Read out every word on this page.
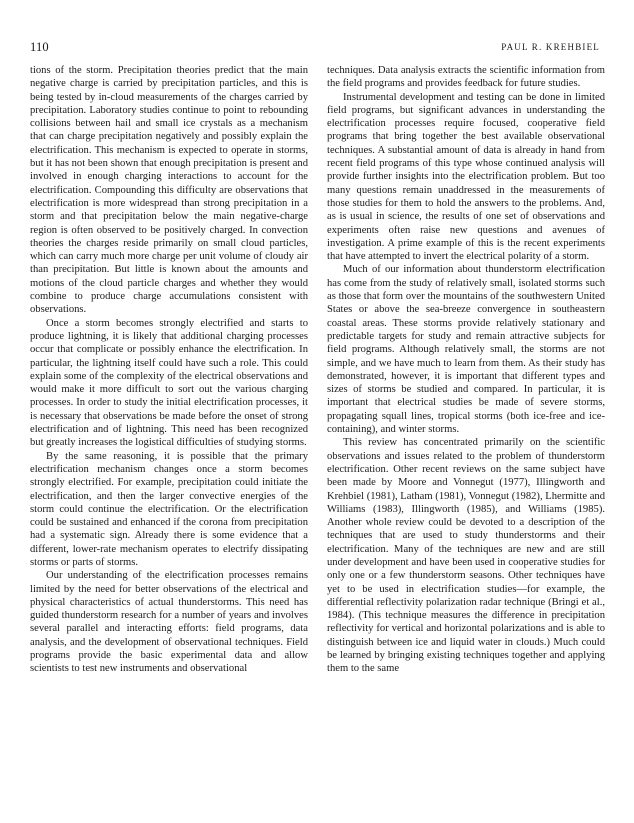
110	PAUL R. KREHBIEL

tions of the storm. Precipitation theories predict that the main negative charge is carried by precipitation particles, and this is being tested by in-cloud measurements of the charges carried by precipitation. Laboratory studies continue to point to rebounding collisions between hail and small ice crystals as a mechanism that can charge precipitation negatively and possibly explain the electrification. This mechanism is expected to operate in storms, but it has not been shown that enough precipitation is present and involved in enough charging interactions to account for the electrification. Compounding this difficulty are observations that electrification is more widespread than strong precipitation in a storm and that precipitation below the main negative-charge region is often observed to be positively charged. In convection theories the charges reside primarily on small cloud particles, which can carry much more charge per unit volume of cloudy air than precipitation. But little is known about the amounts and motions of the cloud particle charges and whether they would combine to produce charge accumulations consistent with observations.

Once a storm becomes strongly electrified and starts to produce lightning, it is likely that additional charging processes occur that complicate or possibly enhance the electrification. In particular, the lightning itself could have such a role. This could explain some of the complexity of the electrical observations and would make it more difficult to sort out the various charging processes. In order to study the initial electrification processes, it is necessary that observations be made before the onset of strong electrification and of lightning. This need has been recognized but greatly increases the logistical difficulties of studying storms.

By the same reasoning, it is possible that the primary electrification mechanism changes once a storm becomes strongly electrified. For example, precipitation could initiate the electrification, and then the larger convective energies of the storm could continue the electrification. Or the electrification could be sustained and enhanced if the corona from precipitation had a systematic sign. Already there is some evidence that a different, lower-rate mechanism operates to electrify dissipating storms or parts of storms.

Our understanding of the electrification processes remains limited by the need for better observations of the electrical and physical characteristics of actual thunderstorms. This need has guided thunderstorm research for a number of years and involves several parallel and interacting efforts: field programs, data analysis, and the development of observational techniques. Field programs provide the basic experimental data and allow scientists to test new instruments and observational

techniques. Data analysis extracts the scientific information from the field programs and provides feedback for future studies.

Instrumental development and testing can be done in limited field programs, but significant advances in understanding the electrification processes require focused, cooperative field programs that bring together the best available observational techniques. A substantial amount of data is already in hand from recent field programs of this type whose continued analysis will provide further insights into the electrification problem. But too many questions remain unaddressed in the measurements of those studies for them to hold the answers to the problems. And, as is usual in science, the results of one set of observations and experiments often raise new questions and avenues of investigation. A prime example of this is the recent experiments that have attempted to invert the electrical polarity of a storm.

Much of our information about thunderstorm electrification has come from the study of relatively small, isolated storms such as those that form over the mountains of the southwestern United States or above the sea-breeze convergence in southeastern coastal areas. These storms provide relatively stationary and predictable targets for study and remain attractive subjects for field programs. Although relatively small, the storms are not simple, and we have much to learn from them. As their study has demonstrated, however, it is important that different types and sizes of storms be studied and compared. In particular, it is important that electrical studies be made of severe storms, propagating squall lines, tropical storms (both ice-free and ice-containing), and winter storms.

This review has concentrated primarily on the scientific observations and issues related to the problem of thunderstorm electrification. Other recent reviews on the same subject have been made by Moore and Vonnegut (1977), Illingworth and Krehbiel (1981), Latham (1981), Vonnegut (1982), Lhermitte and Williams (1983), Illingworth (1985), and Williams (1985). Another whole review could be devoted to a description of the techniques that are used to study thunderstorms and their electrification. Many of the techniques are new and are still under development and have been used in cooperative studies for only one or a few thunderstorm seasons. Other techniques have yet to be used in electrification studies—for example, the differential reflectivity polarization radar technique (Bringi et al., 1984). (This technique measures the difference in precipitation reflectivity for vertical and horizontal polarizations and is able to distinguish between ice and liquid water in clouds.) Much could be learned by bringing existing techniques together and applying them to the same
